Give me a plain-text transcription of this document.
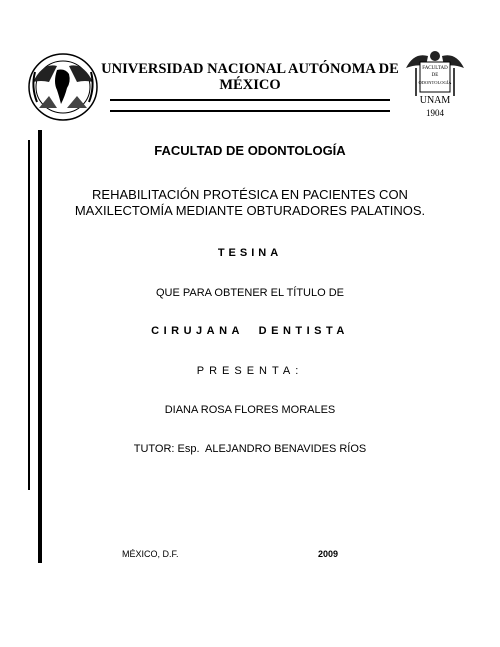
UNIVERSIDAD NACIONAL AUTÓNOMA DE
MÉXICO
FACULTAD
DE
ODONTOLOGÍA
UNAM
1904
FACULTAD DE ODONTOLOGÍA
REHABILITACIÓN PROTÉSICA EN PACIENTES CON
MAXILECTOMÍA MEDIANTE OBTURADORES PALATINOS.
TESINA
QUE PARA OBTENER EL TÍTULO DE
CIRUJANA  DENTISTA
PRESENTA:
DIANA ROSA FLORES MORALES
TUTOR: Esp.  ALEJANDRO BENAVIDES RÍOS
MÉXICO, D.F.	2009
